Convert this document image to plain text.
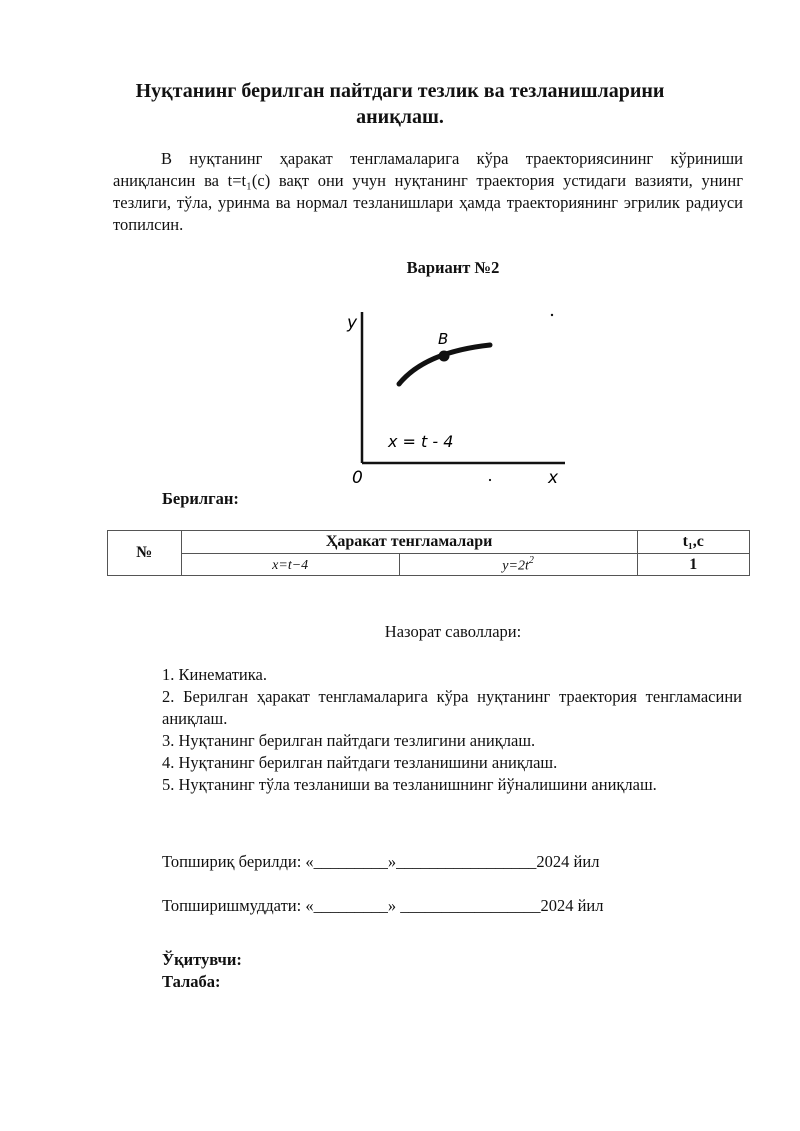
Нуқтанинг берилган пайтдаги тезлик ва тезланишларини аниқлаш.

В нуқтанинг ҳаракат тенгламаларига кўра траекториясининг кўриниши аниқлансин ва t=t₁(с) вақт они учун нуқтанинг траектория устидаги вазияти, унинг тезлиги, тўла, уринма ва нормал тезланишлари ҳамда траекториянинг эгрилик радиуси топилсин.

Вариант №2
y
x
0
B
x = t - 4
Берилган:
№	Ҳаракат тенгламалари		t₁,с
	x=t−4	$y=2t^2$	1
Назорат саволлари:
1. Кинематика.
2. Берилган ҳаракат тенгламаларига кўра нуқтанинг траектория тенгламасини аниқлаш.
3. Нуқтанинг берилган пайтдаги тезлигини аниқлаш.
4. Нуқтанинг берилган пайтдаги тезланишини аниқлаш.
5. Нуқтанинг тўла тезланиши ва тезланишнинг йўналишини аниқлаш.
Топшириқ берилди: «_________»_________________2024 йил
Топширишмуддати: «_________» _________________2024 йил
Ўқитувчи:
Талаба:
